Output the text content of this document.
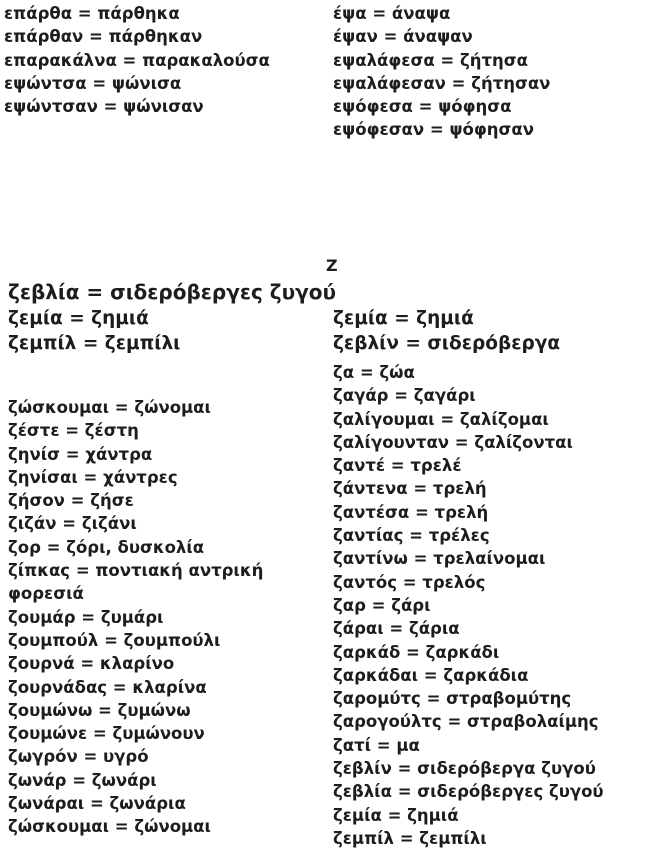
επάρθα = πάρθηκα
επάρθαν = πάρθηκαν
επαρακάλνα = παρακαλούσα
εψώντσα = ψώνισα
εψώντσαν = ψώνισαν
έψα = άναψα
έψαν = άναψαν
εψαλάφεσα = ζήτησα
εψαλάφεσαν = ζήτησαν
εψόφεσα = ψόφησα
εψόφεσαν = ψόφησαν
Z
ζεβλία = σιδερόβεργες ζυγού
ζεμία = ζημιά
ζεμπίλ = ζεμπίλι
ζεμία = ζημιά
ζεβλίν = σιδερόβεργα
ζώσκουμαι = ζώνομαι
ζέστε = ζέστη
ζηνίσ = χάντρα
ζηνίσαι = χάντρες
ζήσον = ζήσε
ζιζάν = ζιζάνι
ζορ = ζόρι, δυσκολία
ζίπκας = ποντιακή αντρική
φορεσιά
ζουμάρ = ζυμάρι
ζουμπούλ = ζουμπούλι
ζουρνά = κλαρίνο
ζουρνάδας = κλαρίνα
ζουμώνω = ζυμώνω
ζουμώνε = ζυμώνουν
ζωγρόν = υγρό
ζωνάρ = ζωνάρι
ζωνάραι = ζωνάρια
ζώσκουμαι = ζώνομαι
ζα = ζώα
ζαγάρ = ζαγάρι
ζαλίγουμαι = ζαλίζομαι
ζαλίγουνταν = ζαλίζονται
ζαντέ = τρελέ
ζάντενα = τρελή
ζαντέσα = τρελή
ζαντίας = τρέλες
ζαντίνω = τρελαίνομαι
ζαντός = τρελός
ζαρ = ζάρι
ζάραι = ζάρια
ζαρκάδ = ζαρκάδι
ζαρκάδαι = ζαρκάδια
ζαρομύτς = στραβομύτης
ζαρογούλτς = στραβολαίμης
ζατί = μα
ζεβλίν = σιδερόβεργα ζυγού
ζεβλία = σιδερόβεργες ζυγού
ζεμία = ζημιά
ζεμπίλ = ζεμπίλι
